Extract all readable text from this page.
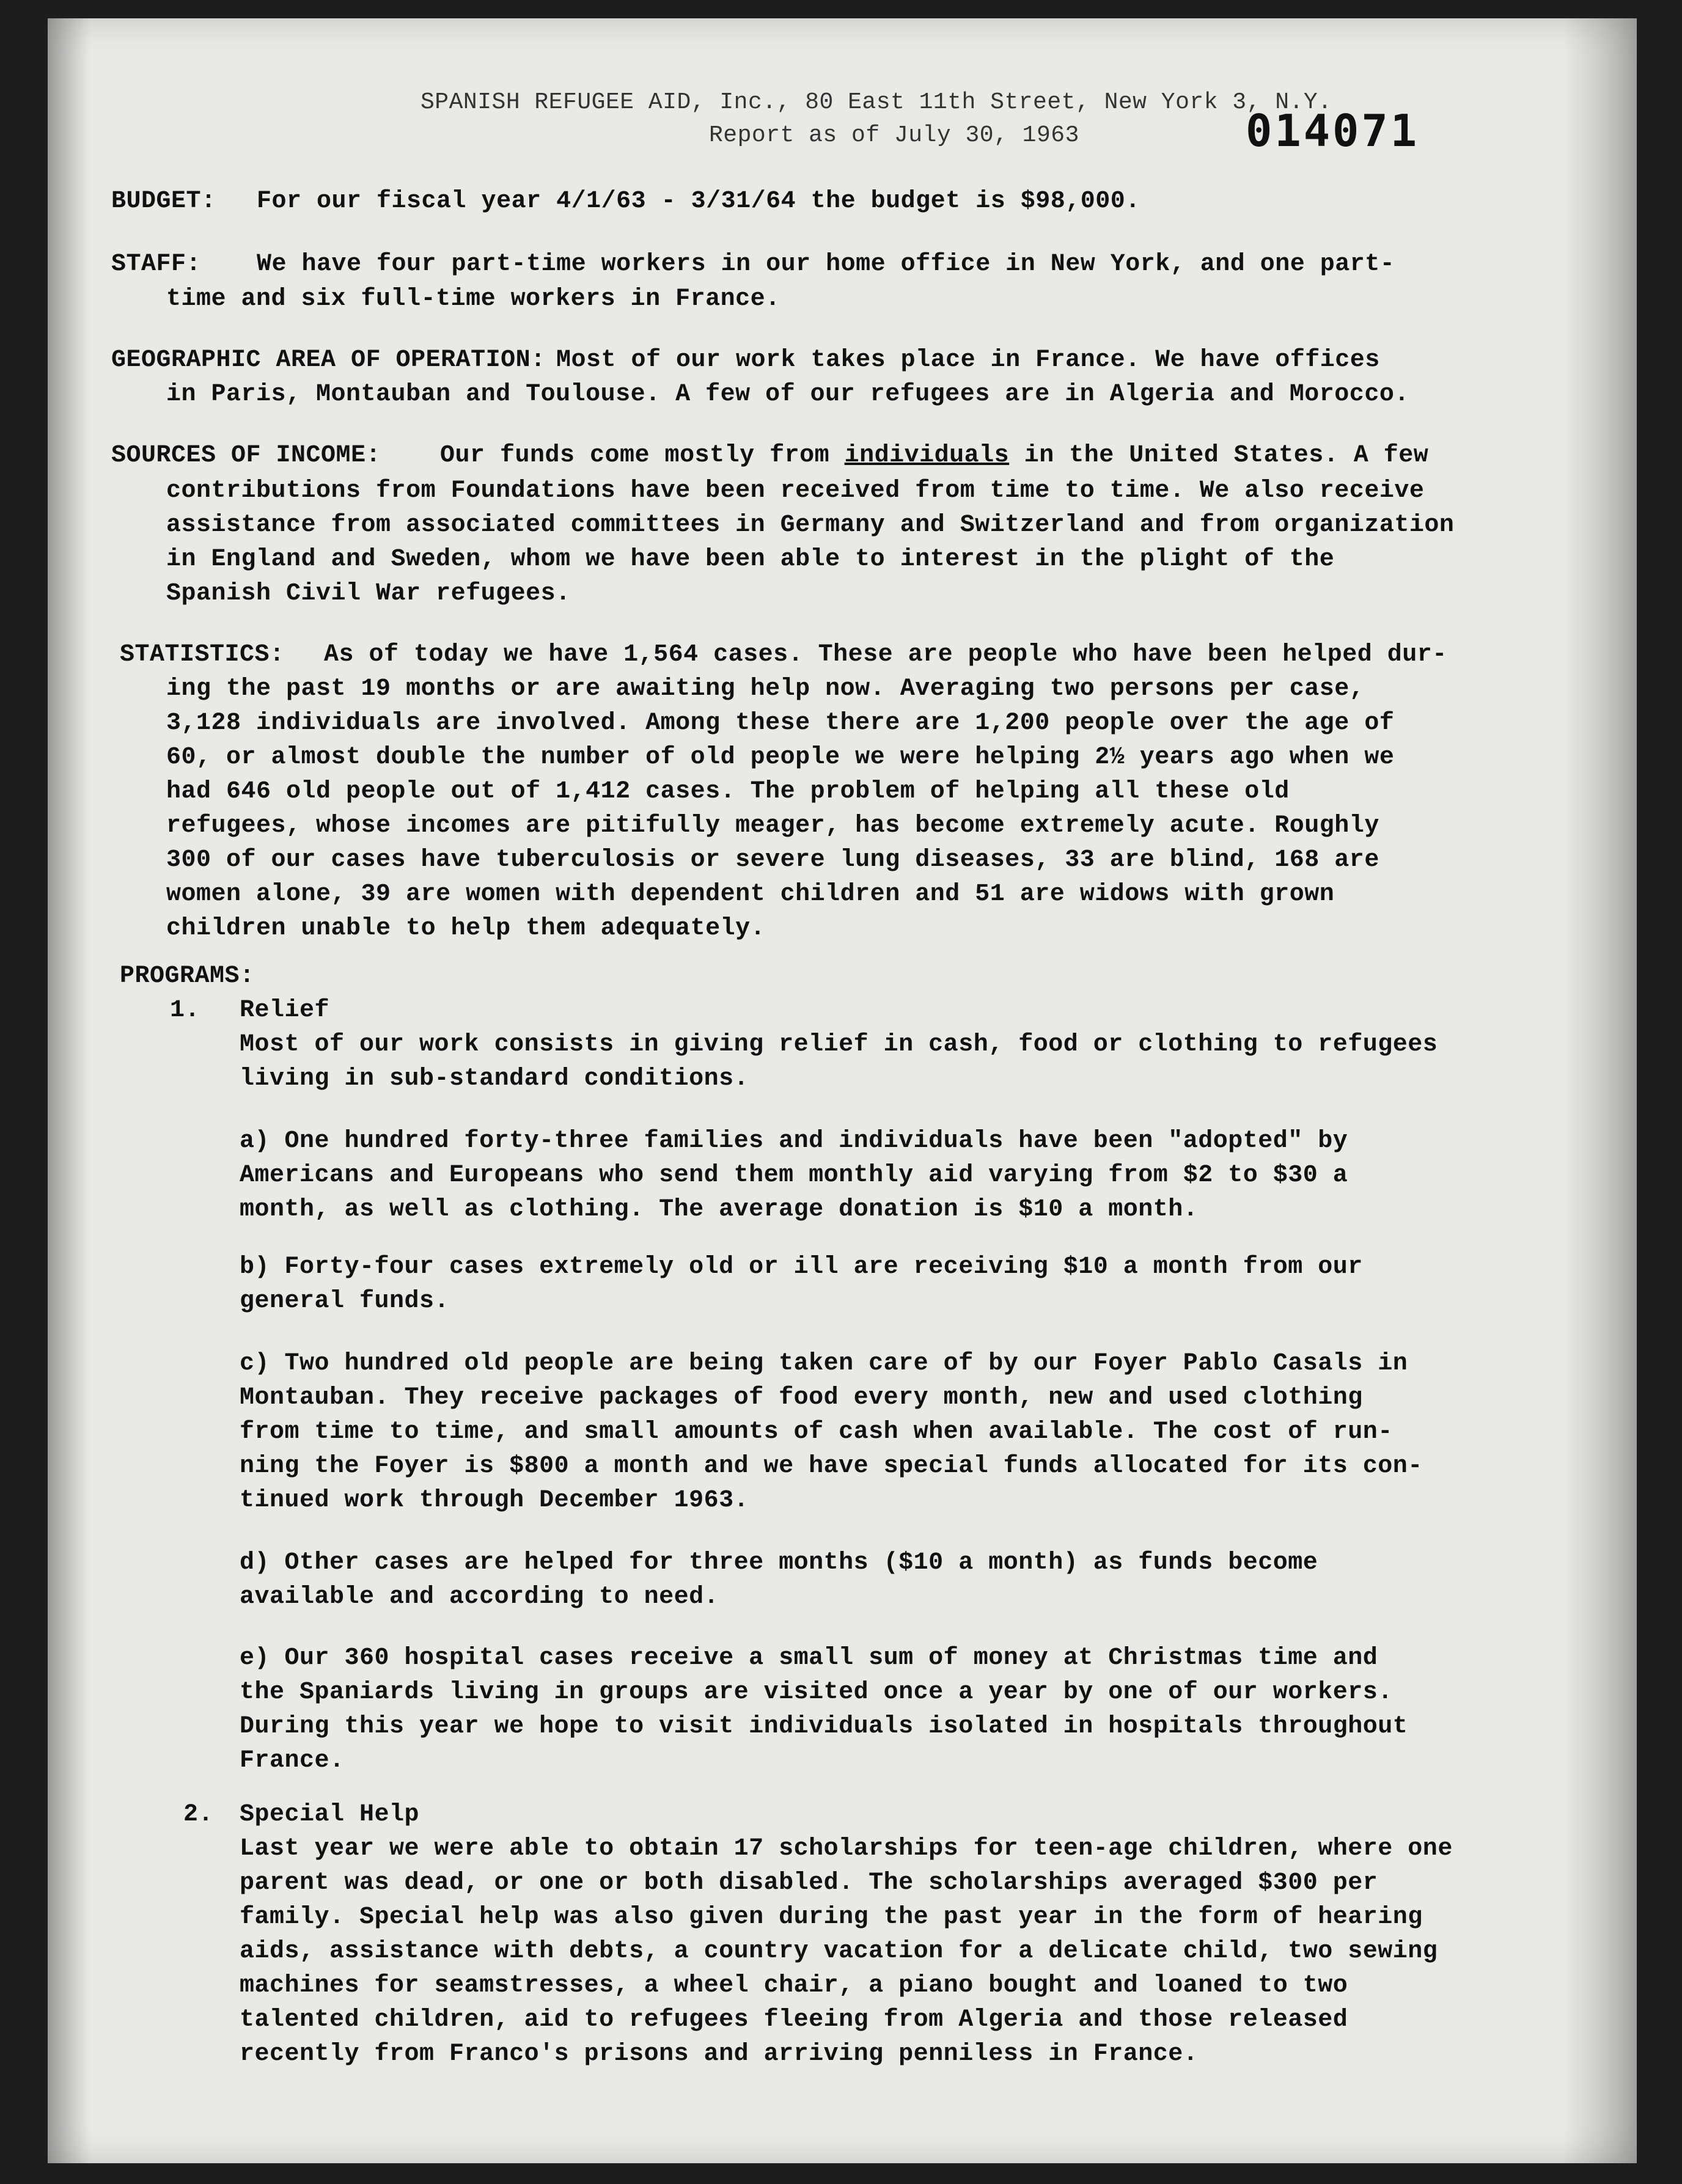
SPANISH REFUGEE AID, Inc., 80 East 11th Street, New York 3, N.Y.
Report as of July 30, 1963	014071
BUDGET: For our fiscal year 4/1/63 - 3/31/64 the budget is $98,000.
STAFF: We have four part-time workers in our home office in New York, and one part-
time and six full-time workers in France.
GEOGRAPHIC AREA OF OPERATION: Most of our work takes place in France. We have offices
in Paris, Montauban and Toulouse. A few of our refugees are in Algeria and Morocco.
SOURCES OF INCOME: Our funds come mostly from individuals in the United States. A few
contributions from Foundations have been received from time to time. We also receive
assistance from associated committees in Germany and Switzerland and from organization
in England and Sweden, whom we have been able to interest in the plight of the
Spanish Civil War refugees.
STATISTICS: As of today we have 1,564 cases. These are people who have been helped dur-
ing the past 19 months or are awaiting help now. Averaging two persons per case,
3,128 individuals are involved. Among these there are 1,200 people over the age of
60, or almost double the number of old people we were helping 2½ years ago when we
had 646 old people out of 1,412 cases. The problem of helping all these old
refugees, whose incomes are pitifully meager, has become extremely acute. Roughly
300 of our cases have tuberculosis or severe lung diseases, 33 are blind, 168 are
women alone, 39 are women with dependent children and 51 are widows with grown
children unable to help them adequately.
PROGRAMS:
1. Relief
Most of our work consists in giving relief in cash, food or clothing to refugees
living in sub-standard conditions.
a) One hundred forty-three families and individuals have been "adopted" by
Americans and Europeans who send them monthly aid varying from $2 to $30 a
month, as well as clothing. The average donation is $10 a month.
b) Forty-four cases extremely old or ill are receiving $10 a month from our
general funds.
c) Two hundred old people are being taken care of by our Foyer Pablo Casals in
Montauban. They receive packages of food every month, new and used clothing
from time to time, and small amounts of cash when available. The cost of run-
ning the Foyer is $800 a month and we have special funds allocated for its con-
tinued work through December 1963.
d) Other cases are helped for three months ($10 a month) as funds become
available and according to need.
e) Our 360 hospital cases receive a small sum of money at Christmas time and
the Spaniards living in groups are visited once a year by one of our workers.
During this year we hope to visit individuals isolated in hospitals throughout
France.
2. Special Help
Last year we were able to obtain 17 scholarships for teen-age children, where one
parent was dead, or one or both disabled. The scholarships averaged $300 per
family. Special help was also given during the past year in the form of hearing
aids, assistance with debts, a country vacation for a delicate child, two sewing
machines for seamstresses, a wheel chair, a piano bought and loaned to two
talented children, aid to refugees fleeing from Algeria and those released
recently from Franco's prisons and arriving penniless in France.
